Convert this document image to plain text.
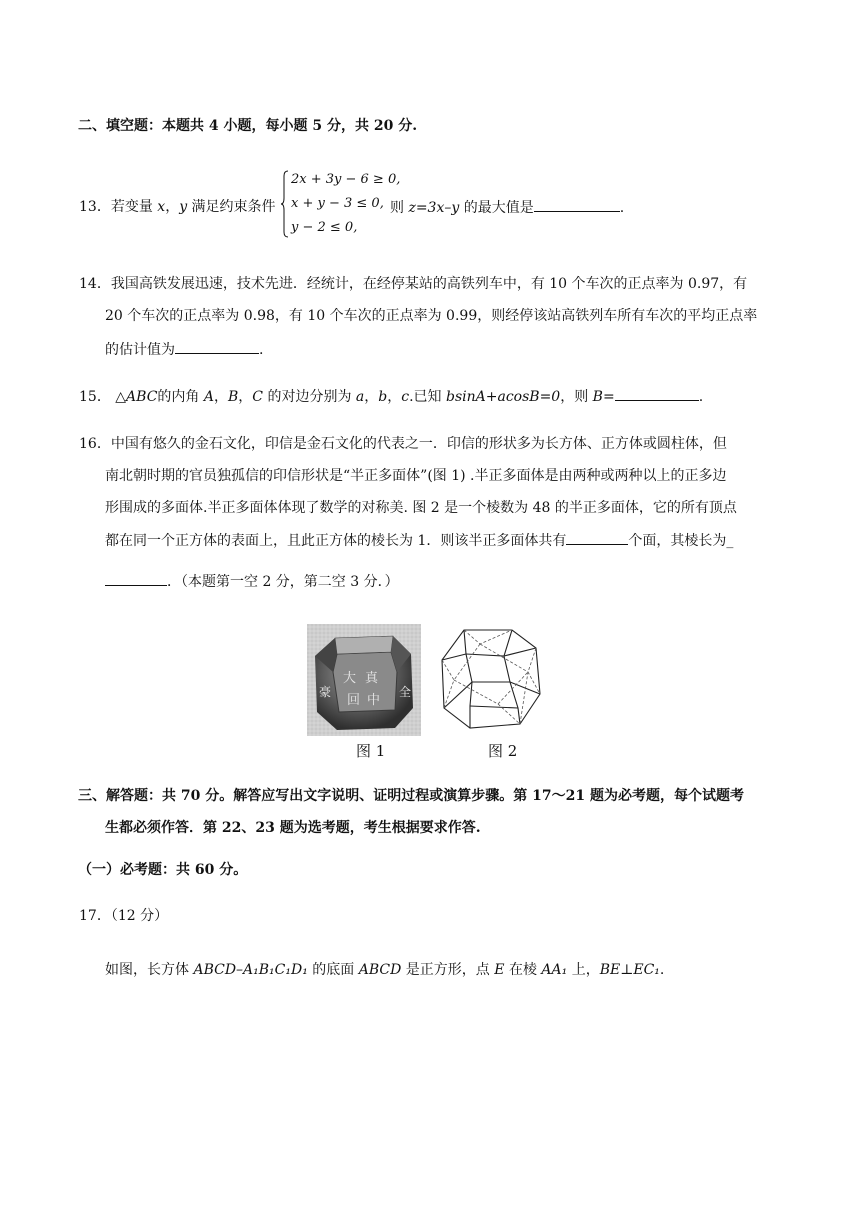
二、填空题：本题共 4 小题，每小题 5 分，共 20 分.
13．若变量 x，y 满足约束条件
2x + 3y − 6 ≥ 0,
x + y − 3 ≤ 0,
y − 2 ≤ 0,
则 z=3x–y 的最大值是	.
14．我国高铁发展迅速，技术先进．经统计，在经停某站的高铁列车中，有 10 个车次的正点率为 0.97，有
20 个车次的正点率为 0.98，有 10 个车次的正点率为 0.99，则经停该站高铁列车所有车次的平均正点率
的估计值为	.
15． △ABC的内角 A，B，C 的对边分别为 a，b，c.已知 bsinA+acosB=0，则 B=	.
16．中国有悠久的金石文化，印信是金石文化的代表之一．印信的形状多为长方体、正方体或圆柱体，但
南北朝时期的官员独孤信的印信形状是“半正多面体”(图 1) .半正多面体是由两种或两种以上的正多边
形围成的多面体.半正多面体体现了数学的对称美. 图 2 是一个棱数为 48 的半正多面体，它的所有顶点
都在同一个正方体的表面上，且此正方体的棱长为 1．则该半正多面体共有	个面，其棱长为_
．（本题第一空 2 分，第二空 3 分．）
大 真
回 中
豪	全
图 1	图 2
三、解答题：共 70 分。解答应写出文字说明、证明过程或演算步骤。第 17～21 题为必考题，每个试题考
生都必须作答．第 22、23 题为选考题，考生根据要求作答.
（一）必考题：共 60 分。
17．（12 分）
如图，长方体 ABCD–A₁B₁C₁D₁ 的底面 ABCD 是正方形，点 E 在棱 AA₁ 上，BE⊥EC₁.
